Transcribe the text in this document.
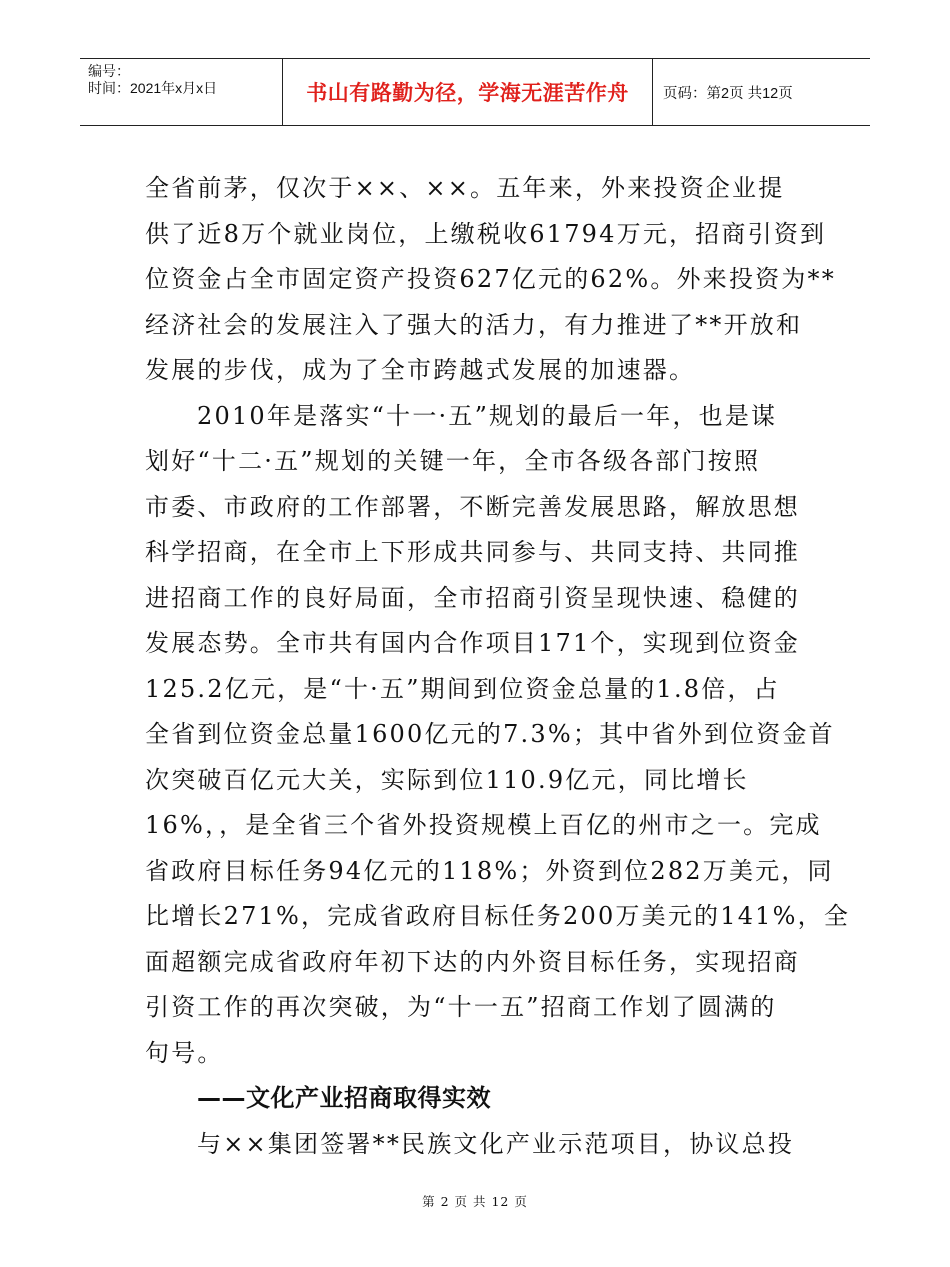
编号：
时间：2021年x月x日	书山有路勤为径，学海无涯苦作舟 页码：第2页 共12页
全省前茅，仅次于××、××。五年来，外来投资企业提
供了近8万个就业岗位，上缴税收61794万元，招商引资到
位资金占全市固定资产投资627亿元的62%。外来投资为**
经济社会的发展注入了强大的活力，有力推进了**开放和
发展的步伐，成为了全市跨越式发展的加速器。
2010年是落实“十一·五”规划的最后一年，也是谋
划好“十二·五”规划的关键一年，全市各级各部门按照
市委、市政府的工作部署，不断完善发展思路，解放思想
科学招商，在全市上下形成共同参与、共同支持、共同推
进招商工作的良好局面，全市招商引资呈现快速、稳健的
发展态势。全市共有国内合作项目171个，实现到位资金
125.2亿元，是“十·五”期间到位资金总量的1.8倍，占
全省到位资金总量1600亿元的7.3%；其中省外到位资金首
次突破百亿元大关，实际到位110.9亿元，同比增长
16%，，是全省三个省外投资规模上百亿的州市之一。完成
省政府目标任务94亿元的118%；外资到位282万美元，同
比增长271%，完成省政府目标任务200万美元的141%，全
面超额完成省政府年初下达的内外资目标任务，实现招商
引资工作的再次突破，为“十一五”招商工作划了圆满的
句号。
——文化产业招商取得实效
与××集团签署**民族文化产业示范项目，协议总投
第 2 页 共 12 页
